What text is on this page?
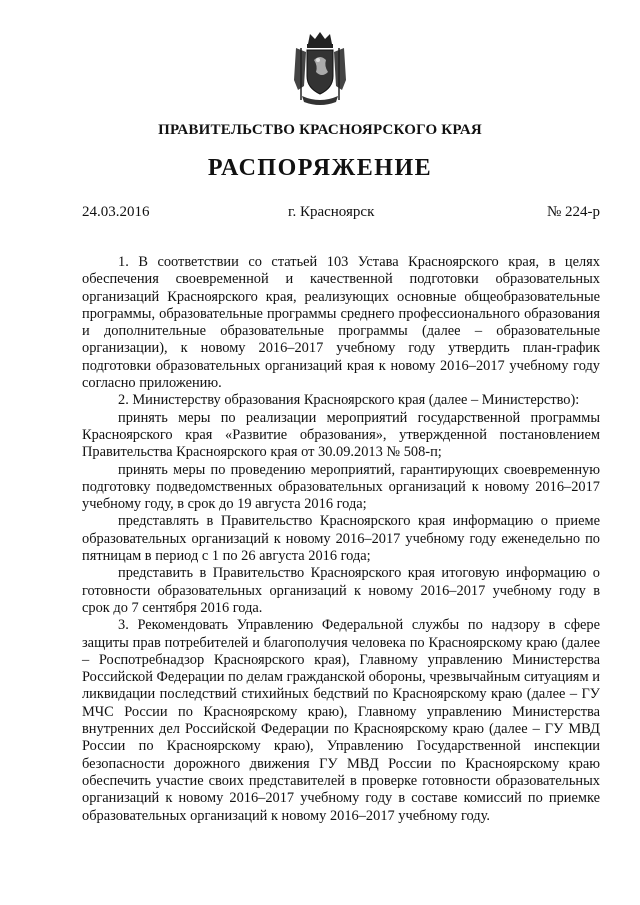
ПРАВИТЕЛЬСТВО КРАСНОЯРСКОГО КРАЯ
РАСПОРЯЖЕНИЕ
24.03.2016	г. Красноярск	№ 224-р

1. В соответствии со статьей 103 Устава Красноярского края, в целях обеспечения своевременной и качественной подготовки образовательных организаций Красноярского края, реализующих основные общеобразовательные программы, образовательные программы среднего профессионального образования и дополнительные образовательные программы (далее – образовательные организации), к новому 2016–2017 учебному году утвердить план-график подготовки образовательных организаций края к новому 2016–2017 учебному году согласно приложению.

2. Министерству образования Красноярского края (далее – Министерство):

принять меры по реализации мероприятий государственной программы Красноярского края «Развитие образования», утвержденной постановлением Правительства Красноярского края от 30.09.2013 № 508-п;

принять меры по проведению мероприятий, гарантирующих своевременную подготовку подведомственных образовательных организаций к новому 2016–2017 учебному году, в срок до 19 августа 2016 года;

представлять в Правительство Красноярского края информацию о приеме образовательных организаций к новому 2016–2017 учебному году еженедельно по пятницам в период с 1 по 26 августа 2016 года;

представить в Правительство Красноярского края итоговую информацию о готовности образовательных организаций к новому 2016–2017 учебному году в срок до 7 сентября 2016 года.

3. Рекомендовать Управлению Федеральной службы по надзору в сфере защиты прав потребителей и благополучия человека по Красноярскому краю (далее – Роспотребнадзор Красноярского края), Главному управлению Министерства Российской Федерации по делам гражданской обороны, чрезвычайным ситуациям и ликвидации последствий стихийных бедствий по Красноярскому краю (далее – ГУ МЧС России по Красноярскому краю), Главному управлению Министерства внутренних дел Российской Федерации по Красноярскому краю (далее – ГУ МВД России по Красноярскому краю), Управлению Государственной инспекции безопасности дорожного движения ГУ МВД России по Красноярскому краю обеспечить участие своих представителей в проверке готовности образовательных организаций к новому 2016–2017 учебному году в составе комиссий по приемке образовательных организаций к новому 2016–2017 учебному году.
